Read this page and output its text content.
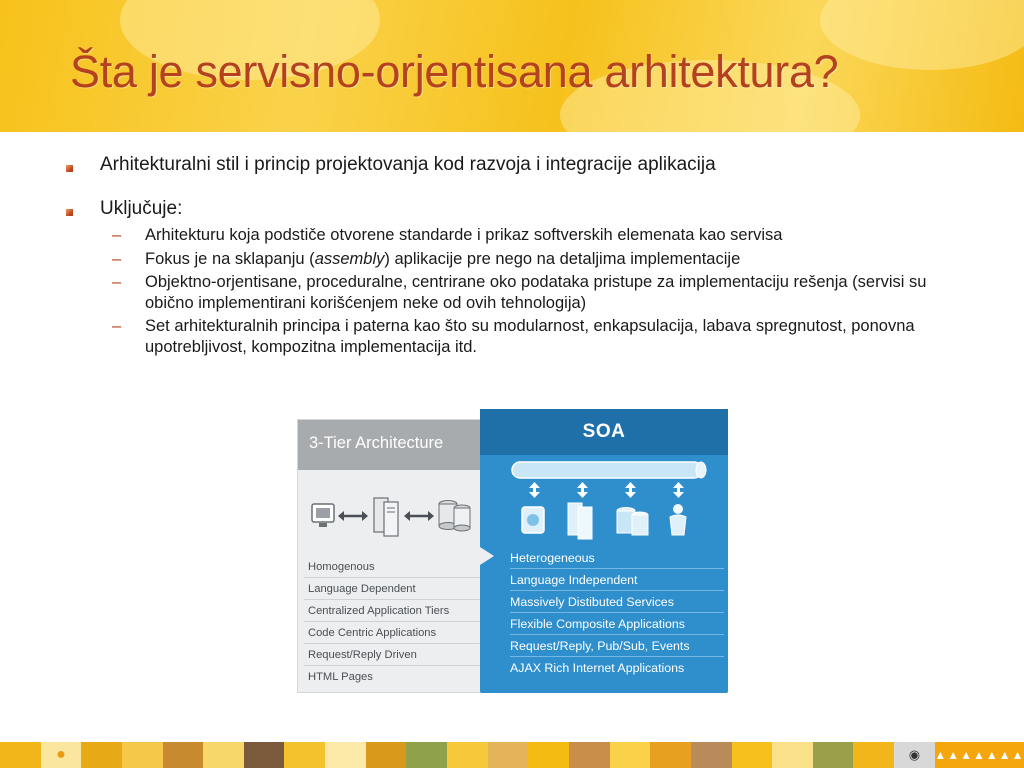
Šta je servisno-orjentisana arhitektura?
Arhitekturalni stil i princip projektovanja kod razvoja i integracije aplikacija
Uključuje:
– Arhitekturu koja podstiče otvorene standarde i prikaz softverskih elemenata kao servisa
– Fokus je na sklapanju (assembly) aplikacije pre nego na detaljima implementacije
– Objektno-orjentisane, proceduralne, centrirane oko podataka pristupe za implementaciju rešenja (servisi su obično implementirani korišćenjem neke od ovih tehnologija)
– Set arhitekturalnih principa i paterna kao što su modularnost, enkapsulacija, labava spregnutost, ponovna upotrebljivost, kompozitna implementacija itd.
3-Tier Architecture
Homogenous
Language Dependent
Centralized Application Tiers
Code Centric Applications
Request/Reply Driven
HTML Pages
SOA
Heterogeneous
Language Independent
Massively Distibuted Services
Flexible Composite Applications
Request/Reply, Pub/Sub, Events
AJAX Rich Internet Applications
●	◉ ▲▲▲▲▲▲▲
